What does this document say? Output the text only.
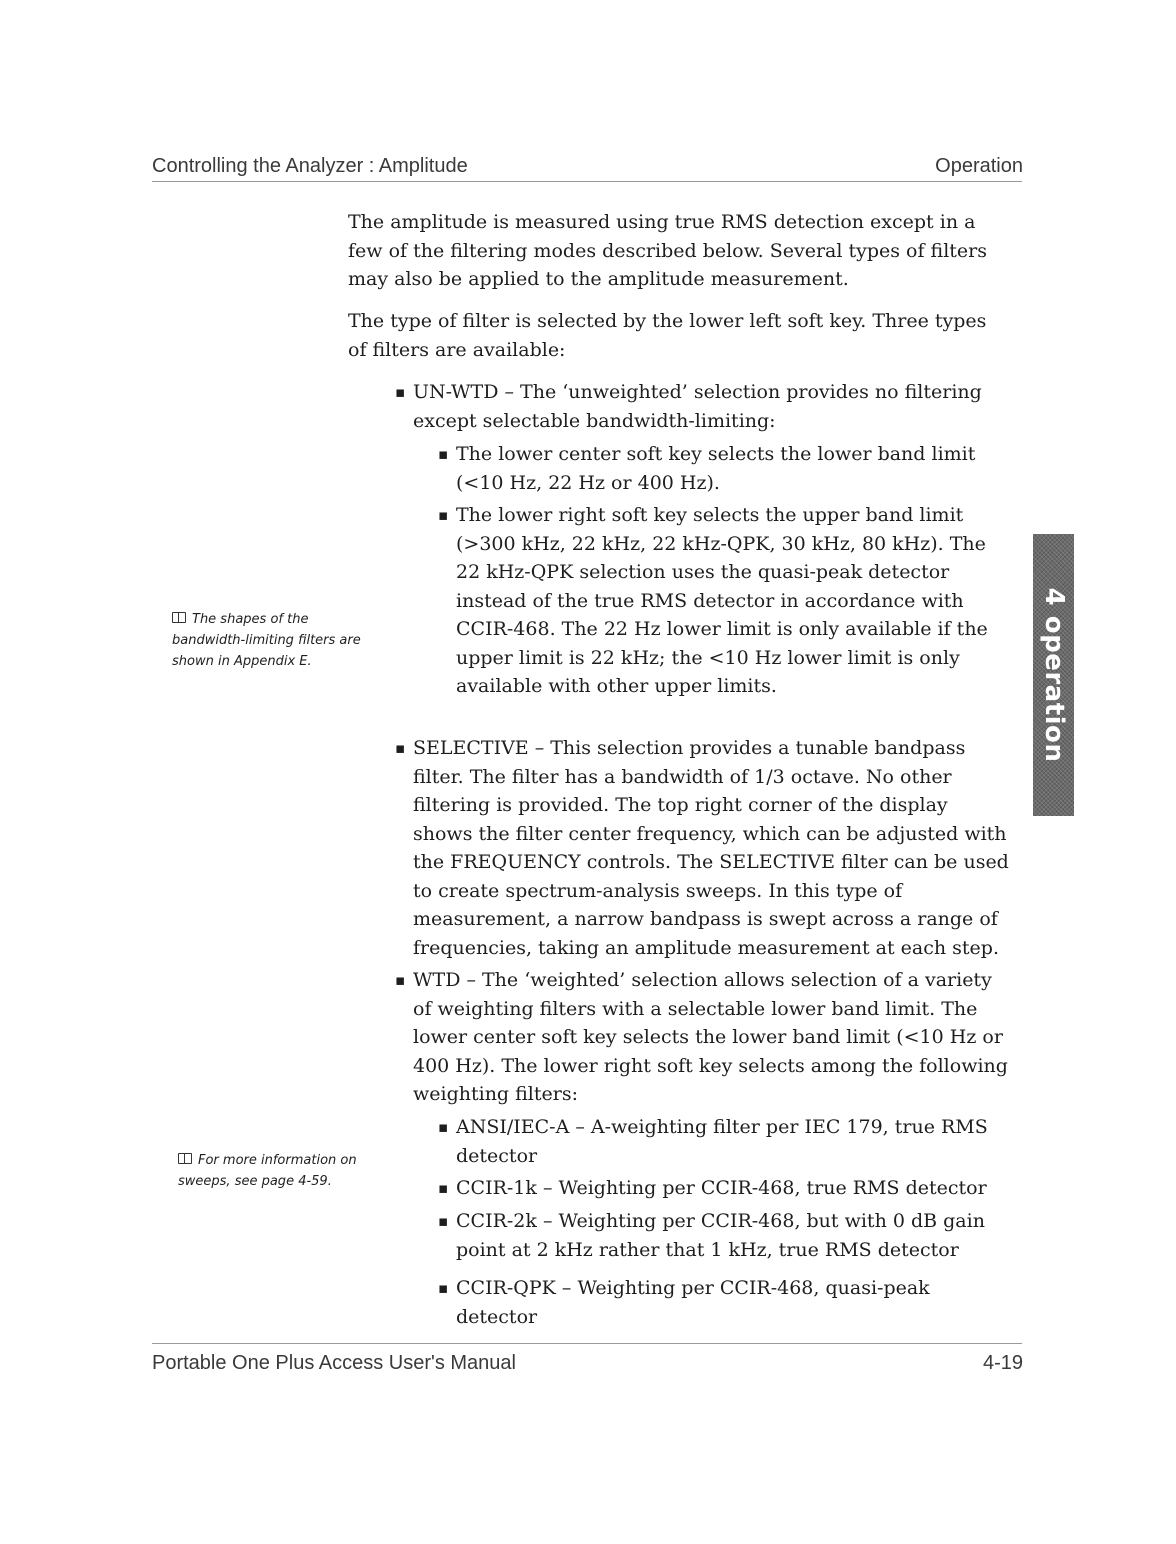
Controlling the Analyzer : Amplitude	Operation

The amplitude is measured using true RMS detection except in a few of the filtering modes described below. Several types of filters may also be applied to the amplitude measurement.

The type of filter is selected by the lower left soft key. Three types of filters are available:

▪ UN-WTD – The ‘unweighted’ selection provides no filtering except selectable bandwidth-limiting:
▪ The lower center soft key selects the lower band limit (<10 Hz, 22 Hz or 400 Hz).
▪ The lower right soft key selects the upper band limit (>300 kHz, 22 kHz, 22 kHz-QPK, 30 kHz, 80 kHz). The 22 kHz-QPK selection uses the quasi-peak detector instead of the true RMS detector in accordance with CCIR-468. The 22 Hz lower limit is only available if the upper limit is 22 kHz; the <10 Hz lower limit is only available with other upper limits.
▪ SELECTIVE – This selection provides a tunable bandpass filter. The filter has a bandwidth of 1/3 octave. No other filtering is provided. The top right corner of the display shows the filter center frequency, which can be adjusted with the FREQUENCY controls. The SELECTIVE filter can be used to create spectrum-analysis sweeps. In this type of measurement, a narrow bandpass is swept across a range of frequencies, taking an amplitude measurement at each step.
▪ WTD – The ‘weighted’ selection allows selection of a variety of weighting filters with a selectable lower band limit. The lower center soft key selects the lower band limit (<10 Hz or 400 Hz). The lower right soft key selects among the following weighting filters:
▪ ANSI/IEC-A – A-weighting filter per IEC 179, true RMS detector
▪ CCIR-1k – Weighting per CCIR-468, true RMS detector
▪ CCIR-2k – Weighting per CCIR-468, but with 0 dB gain point at 2 kHz rather that 1 kHz, true RMS detector
▪ CCIR-QPK – Weighting per CCIR-468, quasi-peak detector

The shapes of the bandwidth-limiting filters are shown in Appendix E.

For more information on sweeps, see page 4-59.

4 operation
Portable One Plus Access User's Manual	4-19
